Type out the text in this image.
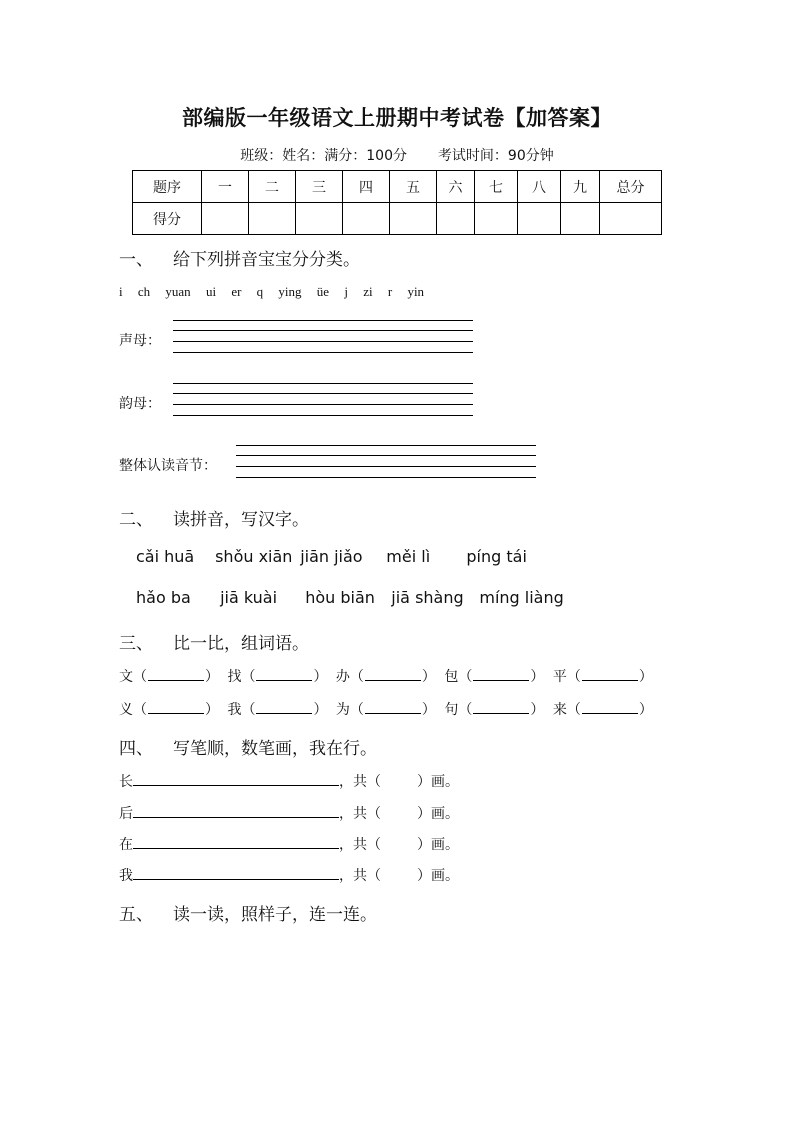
部编版一年级语文上册期中考试卷【加答案】
班级：姓名：满分：100分 考试时间：90分钟
题序	一	二	三	四	五	六	七	八	九	总分
得分										
一、 给下列拼音宝宝分分类。
i ch yuan ui er q ying üe j zi r yin
声母：
韵母：
整体认读音节：
二、 读拼音，写汉字。
cǎi huā shǒu xiān jiān jiǎo měi lì píng tái
hǎo ba jiā kuài hòu biān jiā shàng míng liàng
三、 比一比，组词语。
文（	） 找（	） 办（	） 包（	） 平（	）
义（	） 我（	） 为（	） 句（	） 来（	）
四、 写笔顺，数笔画，我在行。
长	，共（	）画。
后	，共（	）画。
在	，共（	）画。
我	，共（	）画。
五、 读一读，照样子，连一连。
